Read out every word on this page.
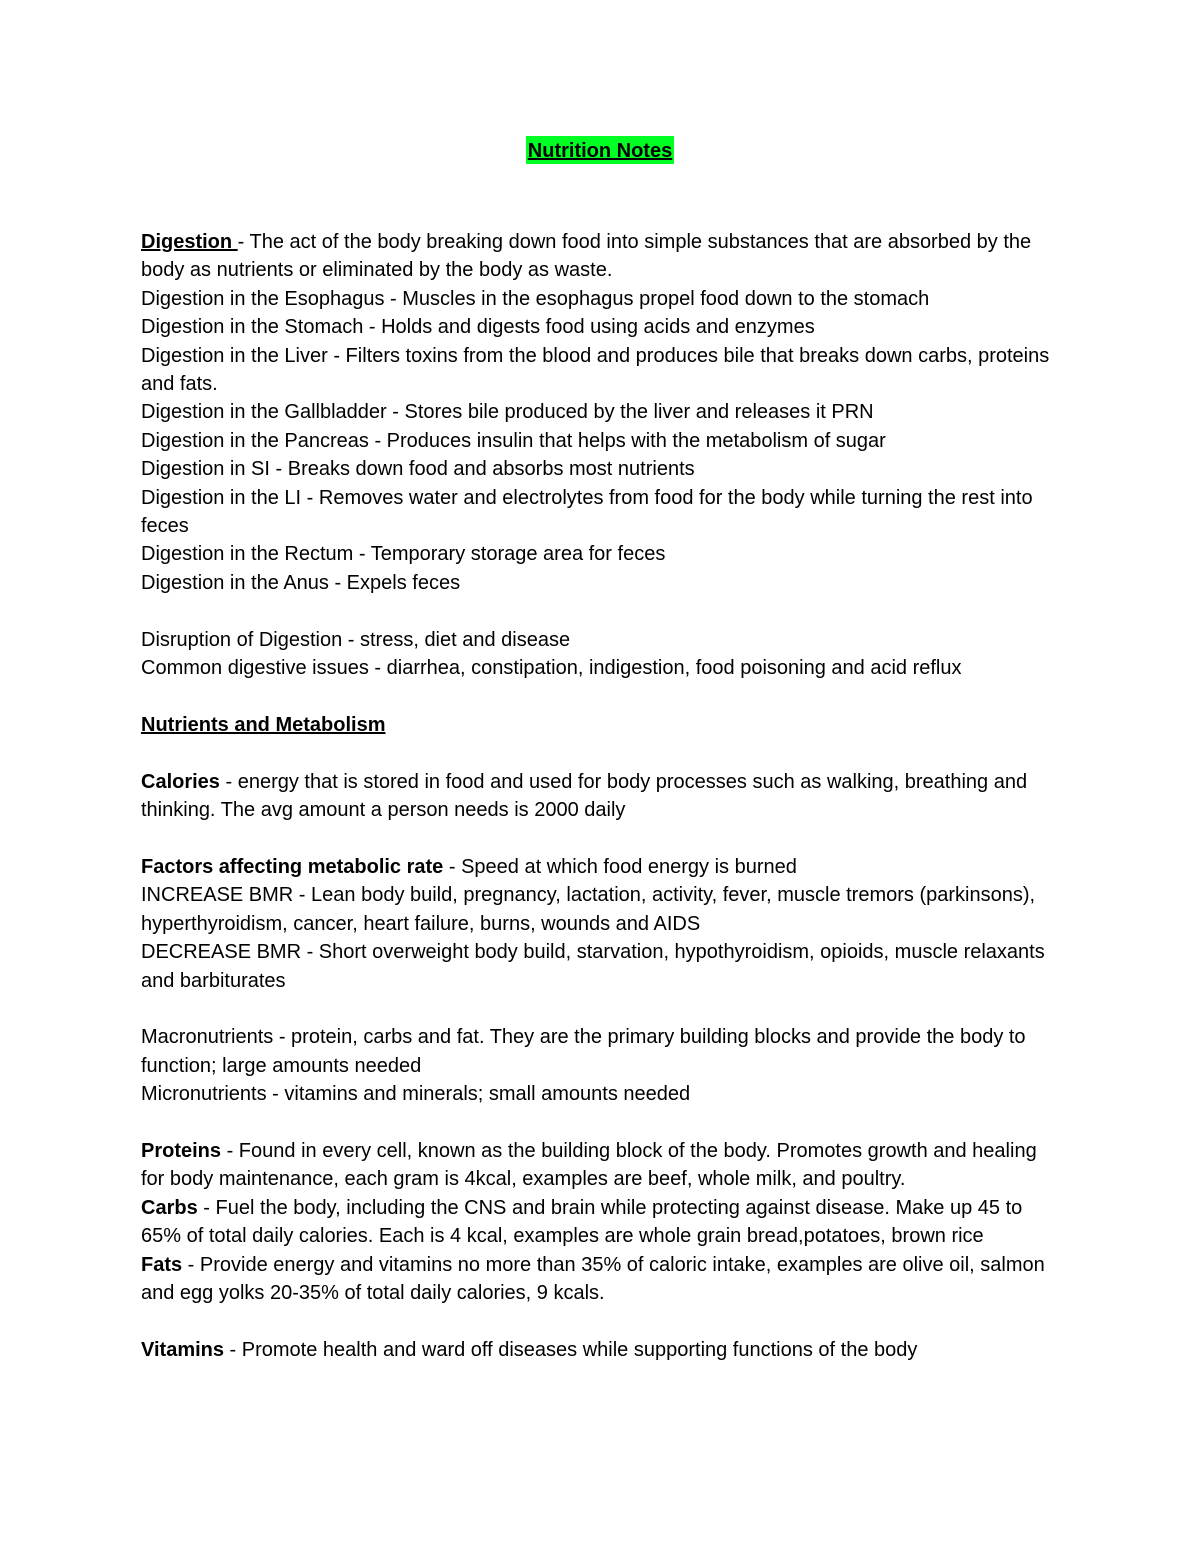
Nutrition Notes
Digestion - The act of the body breaking down food into simple substances that are absorbed by the body as nutrients or eliminated by the body as waste.
Digestion in the Esophagus - Muscles in the esophagus propel food down to the stomach
Digestion in the Stomach - Holds and digests food using acids and enzymes
Digestion in the Liver - Filters toxins from the blood and produces bile that breaks down carbs, proteins and fats.
Digestion in the Gallbladder - Stores bile produced by the liver and releases it PRN
Digestion in the Pancreas - Produces insulin that helps with the metabolism of sugar
Digestion in SI - Breaks down food and absorbs most nutrients
Digestion in the LI - Removes water and electrolytes from food for the body while turning the rest into feces
Digestion in the Rectum - Temporary storage area for feces
Digestion in the Anus - Expels feces
Disruption of Digestion - stress, diet and disease
Common digestive issues - diarrhea, constipation, indigestion, food poisoning and acid reflux
Nutrients and Metabolism
Calories - energy that is stored in food and used for body processes such as walking, breathing and thinking. The avg amount a person needs is 2000 daily
Factors affecting metabolic rate - Speed at which food energy is burned
INCREASE BMR - Lean body build, pregnancy, lactation, activity, fever, muscle tremors (parkinsons), hyperthyroidism, cancer, heart failure, burns, wounds and AIDS
DECREASE BMR - Short overweight body build, starvation, hypothyroidism, opioids, muscle relaxants and barbiturates
Macronutrients - protein, carbs and fat. They are the primary building blocks and provide the body to function; large amounts needed
Micronutrients - vitamins and minerals; small amounts needed
Proteins - Found in every cell, known as the building block of the body. Promotes growth and healing for body maintenance, each gram is 4kcal, examples are beef, whole milk, and poultry.
Carbs - Fuel the body, including the CNS and brain while protecting against disease. Make up 45 to 65% of total daily calories. Each is 4 kcal, examples are whole grain bread,potatoes, brown rice
Fats - Provide energy and vitamins no more than 35% of caloric intake, examples are olive oil, salmon and egg yolks 20-35% of total daily calories, 9 kcals.
Vitamins - Promote health and ward off diseases while supporting functions of the body
